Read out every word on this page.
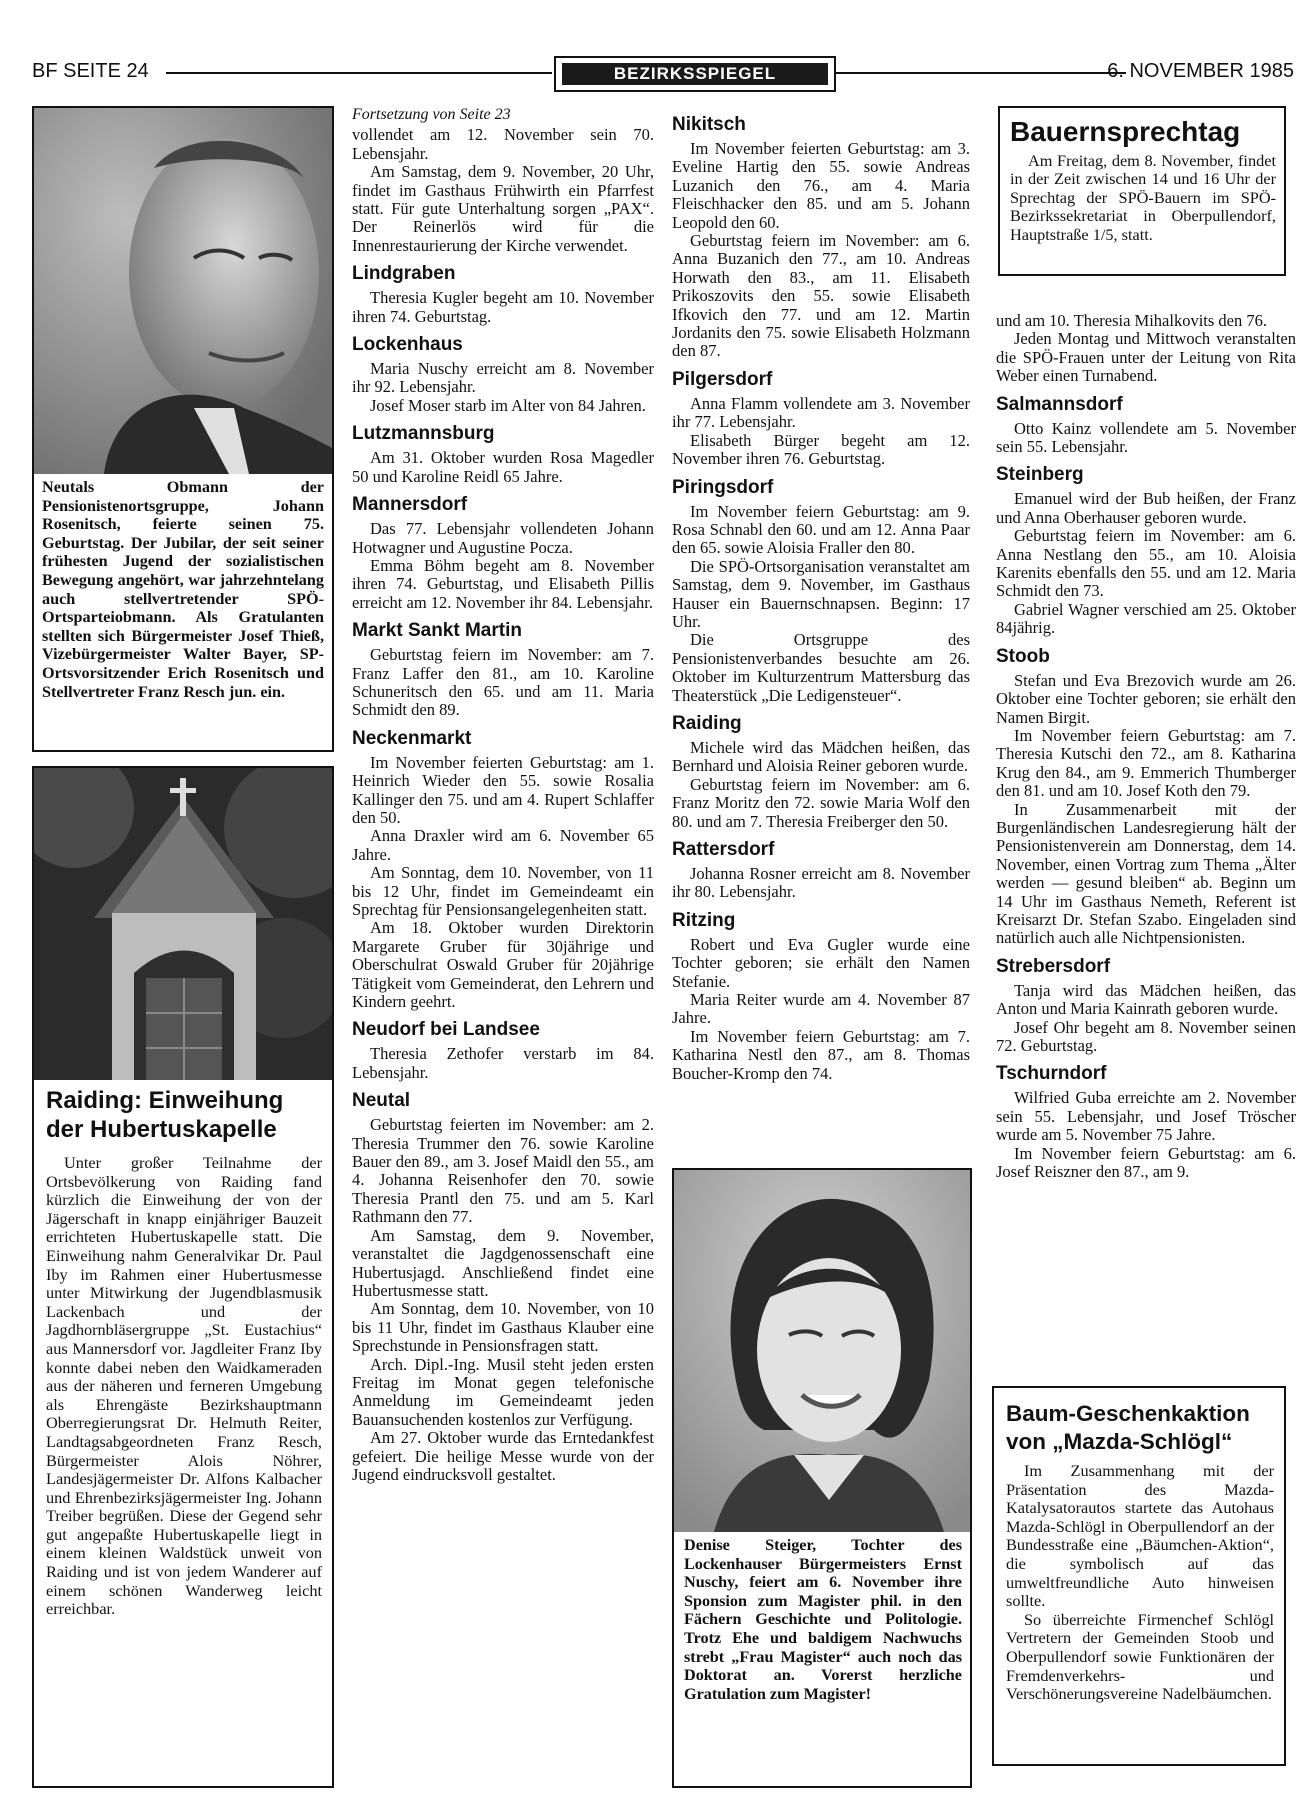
BF SEITE 24	BEZIRKSSPIEGEL	6. NOVEMBER 1985
Neutals Obmann der Pensionistenortsgruppe, Johann Rosenitsch, feierte seinen 75. Geburtstag. Der Jubilar, der seit seiner frühesten Jugend der sozialistischen Bewegung angehört, war jahrzehntelang auch stellvertretender SPÖ-Ortsparteiobmann. Als Gratulanten stellten sich Bürgermeister Josef Thieß, Vizebürgermeister Walter Bayer, SP-Ortsvorsitzender Erich Rosenitsch und Stellvertreter Franz Resch jun. ein.
Raiding: Einweihung
der Hubertuskapelle

Unter großer Teilnahme der Ortsbevölkerung von Raiding fand kürzlich die Einweihung der von der Jägerschaft in knapp einjähriger Bauzeit errichteten Hubertuskapelle statt. Die Einweihung nahm Generalvikar Dr. Paul Iby im Rahmen einer Hubertusmesse unter Mitwirkung der Jugendblasmusik Lackenbach und der Jagdhornbläsergruppe „St. Eustachius“ aus Mannersdorf vor. Jagdleiter Franz Iby konnte dabei neben den Waidkameraden aus der näheren und ferneren Umgebung als Ehrengäste Bezirkshauptmann Oberregierungsrat Dr. Helmuth Reiter, Landtagsabgeordneten Franz Resch, Bürgermeister Alois Nöhrer, Landesjägermeister Dr. Alfons Kalbacher und Ehrenbezirksjägermeister Ing. Johann Treiber begrüßen. Diese der Gegend sehr gut angepaßte Hubertuskapelle liegt in einem kleinen Waldstück unweit von Raiding und ist von jedem Wanderer auf einem schönen Wanderweg leicht erreichbar.

Fortsetzung von Seite 23

vollendet am 12. November sein 70. Lebensjahr.

Am Samstag, dem 9. November, 20 Uhr, findet im Gasthaus Frühwirth ein Pfarrfest statt. Für gute Unterhaltung sorgen „PAX“. Der Reinerlös wird für die Innenrestaurierung der Kirche verwendet.

Lindgraben

Theresia Kugler begeht am 10. November ihren 74. Geburtstag.

Lockenhaus

Maria Nuschy erreicht am 8. November ihr 92. Lebensjahr.

Josef Moser starb im Alter von 84 Jahren.

Lutzmannsburg

Am 31. Oktober wurden Rosa Magedler 50 und Karoline Reidl 65 Jahre.

Mannersdorf

Das 77. Lebensjahr vollendeten Johann Hotwagner und Augustine Pocza.

Emma Böhm begeht am 8. November ihren 74. Geburtstag, und Elisabeth Pillis erreicht am 12. November ihr 84. Lebensjahr.

Markt Sankt Martin

Geburtstag feiern im November: am 7. Franz Laffer den 81., am 10. Karoline Schuneritsch den 65. und am 11. Maria Schmidt den 89.

Neckenmarkt

Im November feierten Geburtstag: am 1. Heinrich Wieder den 55. sowie Rosalia Kallinger den 75. und am 4. Rupert Schlaffer den 50.

Anna Draxler wird am 6. November 65 Jahre.

Am Sonntag, dem 10. November, von 11 bis 12 Uhr, findet im Gemeindeamt ein Sprechtag für Pensionsangelegenheiten statt.

Am 18. Oktober wurden Direktorin Margarete Gruber für 30jährige und Oberschulrat Oswald Gruber für 20jährige Tätigkeit vom Gemeinderat, den Lehrern und Kindern geehrt.

Neudorf bei Landsee

Theresia Zethofer verstarb im 84. Lebensjahr.

Neutal

Geburtstag feierten im November: am 2. Theresia Trummer den 76. sowie Karoline Bauer den 89., am 3. Josef Maidl den 55., am 4. Johanna Reisenhofer den 70. sowie Theresia Prantl den 75. und am 5. Karl Rathmann den 77.

Am Samstag, dem 9. November, veranstaltet die Jagdgenossenschaft eine Hubertusjagd. Anschließend findet eine Hubertusmesse statt.

Am Sonntag, dem 10. November, von 10 bis 11 Uhr, findet im Gasthaus Klauber eine Sprechstunde in Pensionsfragen statt.

Arch. Dipl.-Ing. Musil steht jeden ersten Freitag im Monat gegen telefonische Anmeldung im Gemeindeamt jeden Bauansuchenden kostenlos zur Verfügung.

Am 27. Oktober wurde das Erntedankfest gefeiert. Die heilige Messe wurde von der Jugend eindrucksvoll gestaltet.

Nikitsch

Im November feierten Geburtstag: am 3. Eveline Hartig den 55. sowie Andreas Luzanich den 76., am 4. Maria Fleischhacker den 85. und am 5. Johann Leopold den 60.

Geburtstag feiern im November: am 6. Anna Buzanich den 77., am 10. Andreas Horwath den 83., am 11. Elisabeth Prikoszovits den 55. sowie Elisabeth Ifkovich den 77. und am 12. Martin Jordanits den 75. sowie Elisabeth Holzmann den 87.

Pilgersdorf

Anna Flamm vollendete am 3. November ihr 77. Lebensjahr.

Elisabeth Bürger begeht am 12. November ihren 76. Geburtstag.

Piringsdorf

Im November feiern Geburtstag: am 9. Rosa Schnabl den 60. und am 12. Anna Paar den 65. sowie Aloisia Fraller den 80.

Die SPÖ-Ortsorganisation veranstaltet am Samstag, dem 9. November, im Gasthaus Hauser ein Bauernschnapsen. Beginn: 17 Uhr.

Die Ortsgruppe des Pensionistenverbandes besuchte am 26. Oktober im Kulturzentrum Mattersburg das Theaterstück „Die Ledigensteuer“.

Raiding

Michele wird das Mädchen heißen, das Bernhard und Aloisia Reiner geboren wurde.

Geburtstag feiern im November: am 6. Franz Moritz den 72. sowie Maria Wolf den 80. und am 7. Theresia Freiberger den 50.

Rattersdorf

Johanna Rosner erreicht am 8. November ihr 80. Lebensjahr.

Ritzing

Robert und Eva Gugler wurde eine Tochter geboren; sie erhält den Namen Stefanie.

Maria Reiter wurde am 4. November 87 Jahre.

Im November feiern Geburtstag: am 7. Katharina Nestl den 87., am 8. Thomas Boucher-Kromp den 74.

Denise Steiger, Tochter des Lockenhauser Bürgermeisters Ernst Nuschy, feiert am 6. November ihre Sponsion zum Magister phil. in den Fächern Geschichte und Politologie. Trotz Ehe und baldigem Nachwuchs strebt „Frau Magister“ auch noch das Doktorat an. Vorerst herzliche Gratulation zum Magister!
Bauernsprechtag

Am Freitag, dem 8. November, findet in der Zeit zwischen 14 und 16 Uhr der Sprechtag der SPÖ-Bauern im SPÖ-Bezirkssekretariat in Oberpullendorf, Hauptstraße 1/5, statt.

und am 10. Theresia Mihalkovits den 76.

Jeden Montag und Mittwoch veranstalten die SPÖ-Frauen unter der Leitung von Rita Weber einen Turnabend.

Salmannsdorf

Otto Kainz vollendete am 5. November sein 55. Lebensjahr.

Steinberg

Emanuel wird der Bub heißen, der Franz und Anna Oberhauser geboren wurde.

Geburtstag feiern im November: am 6. Anna Nestlang den 55., am 10. Aloisia Karenits ebenfalls den 55. und am 12. Maria Schmidt den 73.

Gabriel Wagner verschied am 25. Oktober 84jährig.

Stoob

Stefan und Eva Brezovich wurde am 26. Oktober eine Tochter geboren; sie erhält den Namen Birgit.

Im November feiern Geburtstag: am 7. Theresia Kutschi den 72., am 8. Katharina Krug den 84., am 9. Emmerich Thumberger den 81. und am 10. Josef Koth den 79.

In Zusammenarbeit mit der Burgenländischen Landesregierung hält der Pensionistenverein am Donnerstag, dem 14. November, einen Vortrag zum Thema „Älter werden — gesund bleiben“ ab. Beginn um 14 Uhr im Gasthaus Nemeth, Referent ist Kreisarzt Dr. Stefan Szabo. Eingeladen sind natürlich auch alle Nichtpensionisten.

Strebersdorf

Tanja wird das Mädchen heißen, das Anton und Maria Kainrath geboren wurde.

Josef Ohr begeht am 8. November seinen 72. Geburtstag.

Tschurndorf

Wilfried Guba erreichte am 2. November sein 55. Lebensjahr, und Josef Tröscher wurde am 5. November 75 Jahre.

Im November feiern Geburtstag: am 6. Josef Reiszner den 87., am 9.

Baum-Geschenkaktion
von „Mazda-Schlögl“

Im Zusammenhang mit der Präsentation des Mazda-Katalysatorautos startete das Autohaus Mazda-Schlögl in Oberpullendorf an der Bundesstraße eine „Bäumchen-Aktion“, die symbolisch auf das umweltfreundliche Auto hinweisen sollte.

So überreichte Firmenchef Schlögl Vertretern der Gemeinden Stoob und Oberpullendorf sowie Funktionären der Fremdenverkehrs- und Verschönerungsvereine Nadelbäumchen.
